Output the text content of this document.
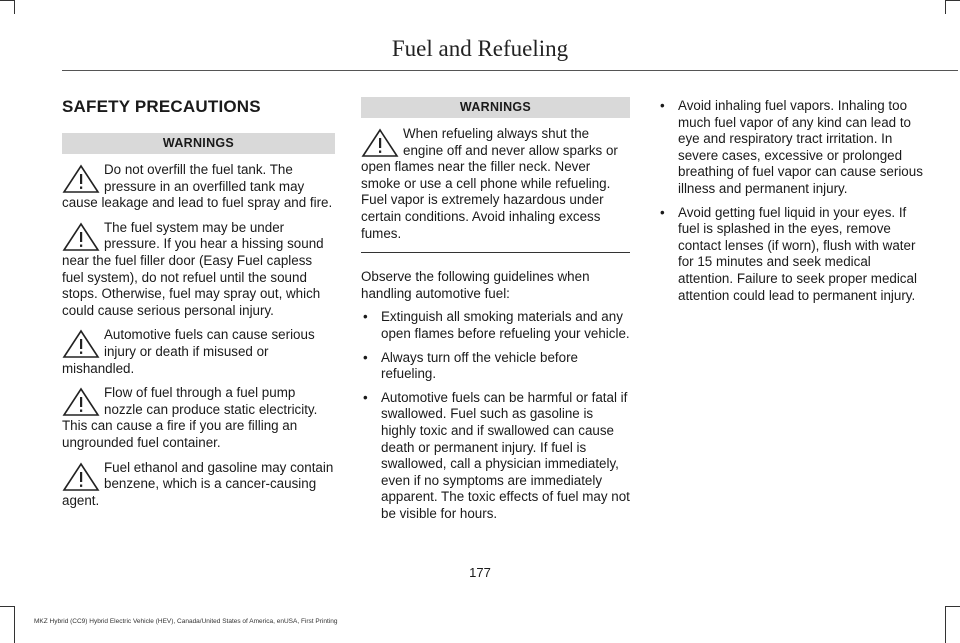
Fuel and Refueling
SAFETY PRECAUTIONS
WARNINGS

Do not overfill the fuel tank. The pressure in an overfilled tank may cause leakage and lead to fuel spray and fire.

The fuel system may be under pressure. If you hear a hissing sound near the fuel filler door (Easy Fuel capless fuel system), do not refuel until the sound stops. Otherwise, fuel may spray out, which could cause serious personal injury.

Automotive fuels can cause serious injury or death if misused or mishandled.

Flow of fuel through a fuel pump nozzle can produce static electricity. This can cause a fire if you are filling an ungrounded fuel container.

Fuel ethanol and gasoline may contain benzene, which is a cancer-causing agent.

WARNINGS

When refueling always shut the engine off and never allow sparks or open flames near the filler neck. Never smoke or use a cell phone while refueling. Fuel vapor is extremely hazardous under certain conditions. Avoid inhaling excess fumes.

Observe the following guidelines when handling automotive fuel:

• Extinguish all smoking materials and any open flames before refueling your vehicle.
• Always turn off the vehicle before refueling.
• Automotive fuels can be harmful or fatal if swallowed. Fuel such as gasoline is highly toxic and if swallowed can cause death or permanent injury. If fuel is swallowed, call a physician immediately, even if no symptoms are immediately apparent. The toxic effects of fuel may not be visible for hours.
• Avoid inhaling fuel vapors. Inhaling too much fuel vapor of any kind can lead to eye and respiratory tract irritation. In severe cases, excessive or prolonged breathing of fuel vapor can cause serious illness and permanent injury.
• Avoid getting fuel liquid in your eyes. If fuel is splashed in the eyes, remove contact lenses (if worn), flush with water for 15 minutes and seek medical attention. Failure to seek proper medical attention could lead to permanent injury.
177
MKZ Hybrid (CC9) Hybrid Electric Vehicle (HEV), Canada/United States of America, enUSA, First Printing
